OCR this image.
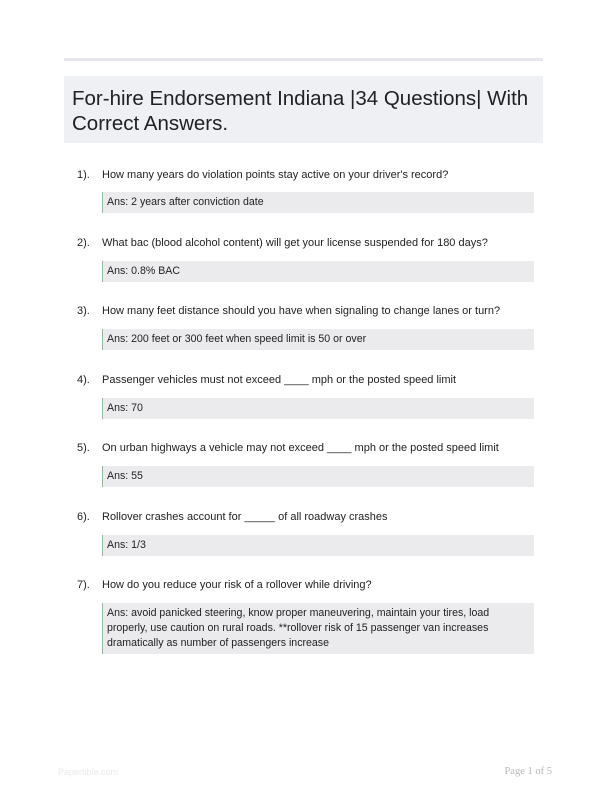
For-hire Endorsement Indiana |34 Questions| With Correct Answers.
1). How many years do violation points stay active on your driver's record?
Ans: 2 years after conviction date
2). What bac (blood alcohol content) will get your license suspended for 180 days?
Ans: 0.8% BAC
3). How many feet distance should you have when signaling to change lanes or turn?
Ans: 200 feet or 300 feet when speed limit is 50 or over
4). Passenger vehicles must not exceed ____ mph or the posted speed limit
Ans: 70
5). On urban highways a vehicle may not exceed ____ mph or the posted speed limit
Ans: 55
6). Rollover crashes account for _____ of all roadway crashes
Ans: 1/3
7). How do you reduce your risk of a rollover while driving?
Ans: avoid panicked steering, know proper maneuvering, maintain your tires, load properly, use caution on rural roads. **rollover risk of 15 passenger van increases dramatically as number of passengers increase
Papertible.com	Page 1 of 5
